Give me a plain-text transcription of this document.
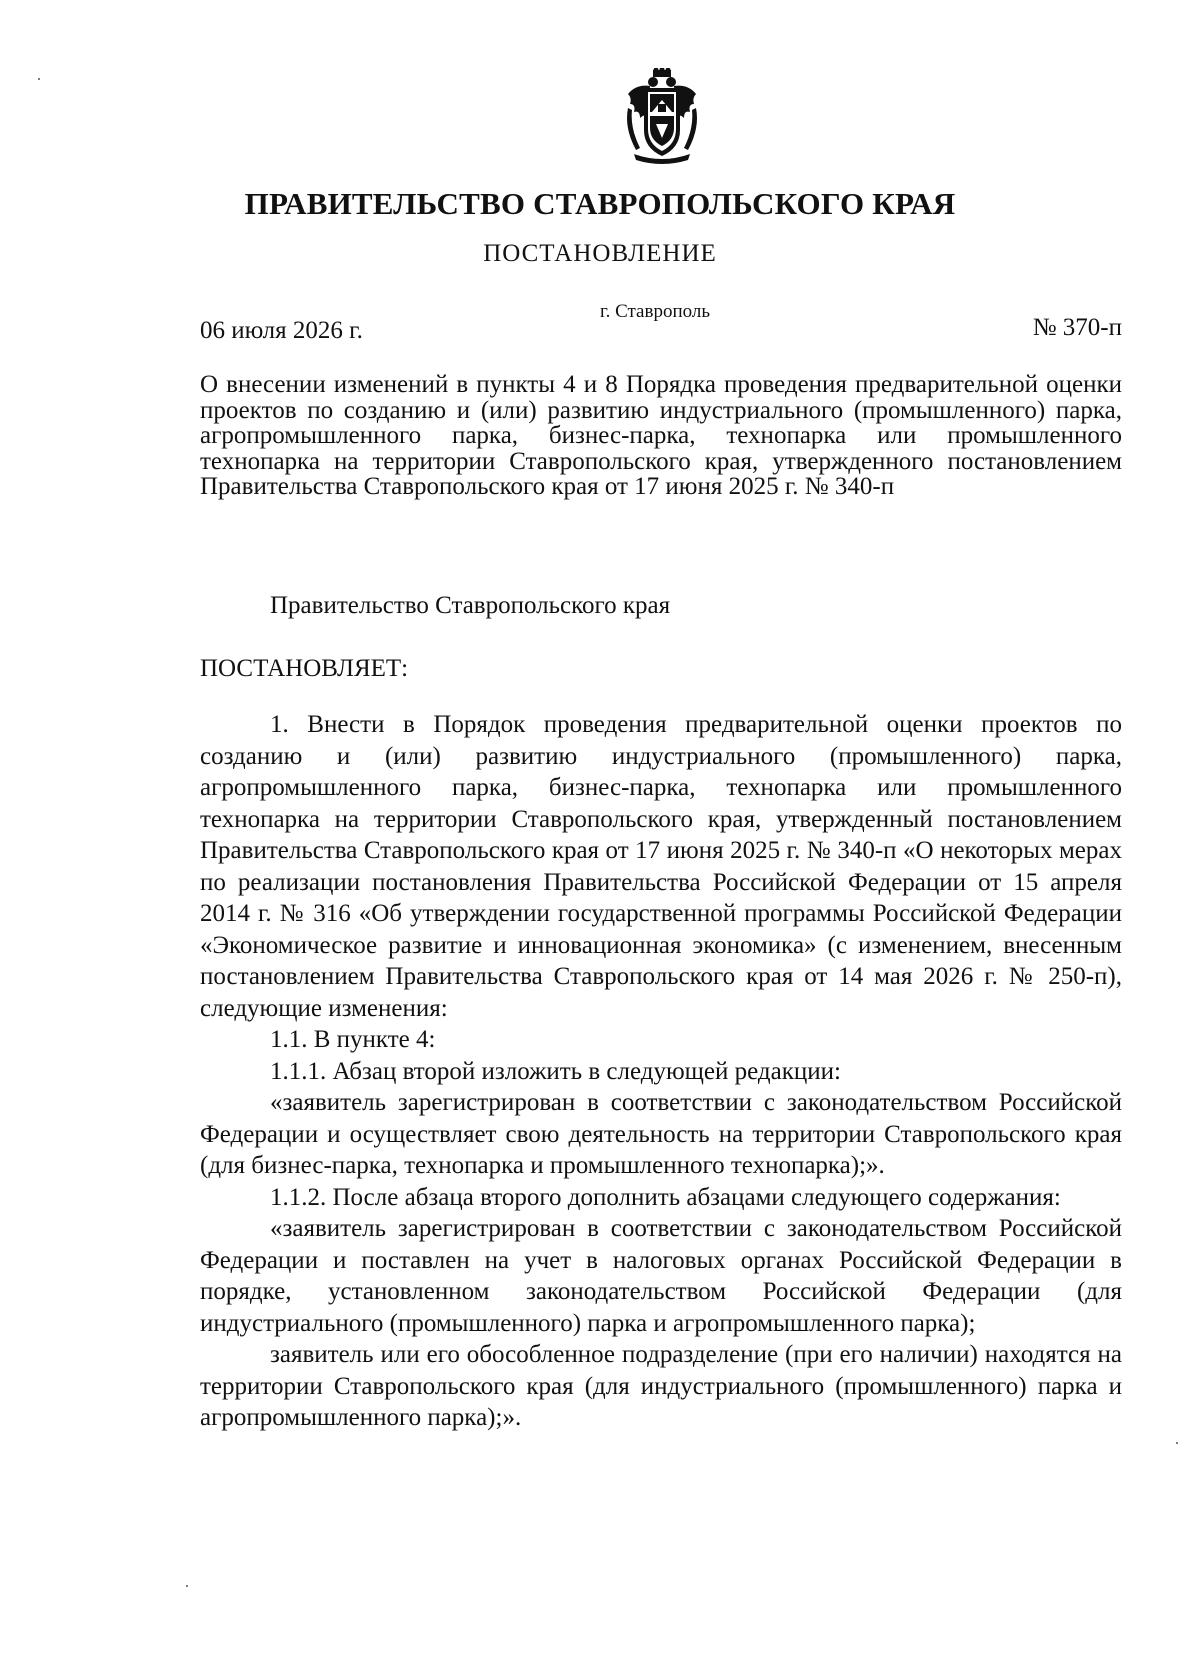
ПРАВИТЕЛЬСТВО СТАВРОПОЛЬСКОГО КРАЯ
ПОСТАНОВЛЕНИЕ
г. Ставрополь
06 июля 2026 г.	№ 370-п
О внесении изменений в пункты 4 и 8 Порядка проведения предварительной оценки проектов по созданию и (или) развитию индустриального (промышленного) парка, агропромышленного парка, бизнес-парка, технопарка или промышленного технопарка на территории Ставропольского края, утвержденного постановлением Правительства Ставропольского края от 17 июня 2025 г. № 340-п
Правительство Ставропольского края
ПОСТАНОВЛЯЕТ:

1. Внести в Порядок проведения предварительной оценки проектов по созданию и (или) развитию индустриального (промышленного) парка, агропромышленного парка, бизнес-парка, технопарка или промышленного технопарка на территории Ставропольского края, утвержденный постановлением Правительства Ставропольского края от 17 июня 2025 г. № 340-п «О некоторых мерах по реализации постановления Правительства Российской Федерации от 15 апреля 2014 г. № 316 «Об утверждении государственной программы Российской Федерации «Экономическое развитие и инновационная экономика» (с изменением, внесенным постановлением Правительства Ставропольского края от 14 мая 2026 г. № 250-п), следующие изменения:

1.1. В пункте 4:

1.1.1. Абзац второй изложить в следующей редакции:

«заявитель зарегистрирован в соответствии с законодательством Российской Федерации и осуществляет свою деятельность на территории Ставропольского края (для бизнес-парка, технопарка и промышленного технопарка);».

1.1.2. После абзаца второго дополнить абзацами следующего содержания:

«заявитель зарегистрирован в соответствии с законодательством Российской Федерации и поставлен на учет в налоговых органах Российской Федерации в порядке, установленном законодательством Российской Федерации (для индустриального (промышленного) парка и агропромышленного парка);

заявитель или его обособленное подразделение (при его наличии) находятся на территории Ставропольского края (для индустриального (промышленного) парка и агропромышленного парка);».
